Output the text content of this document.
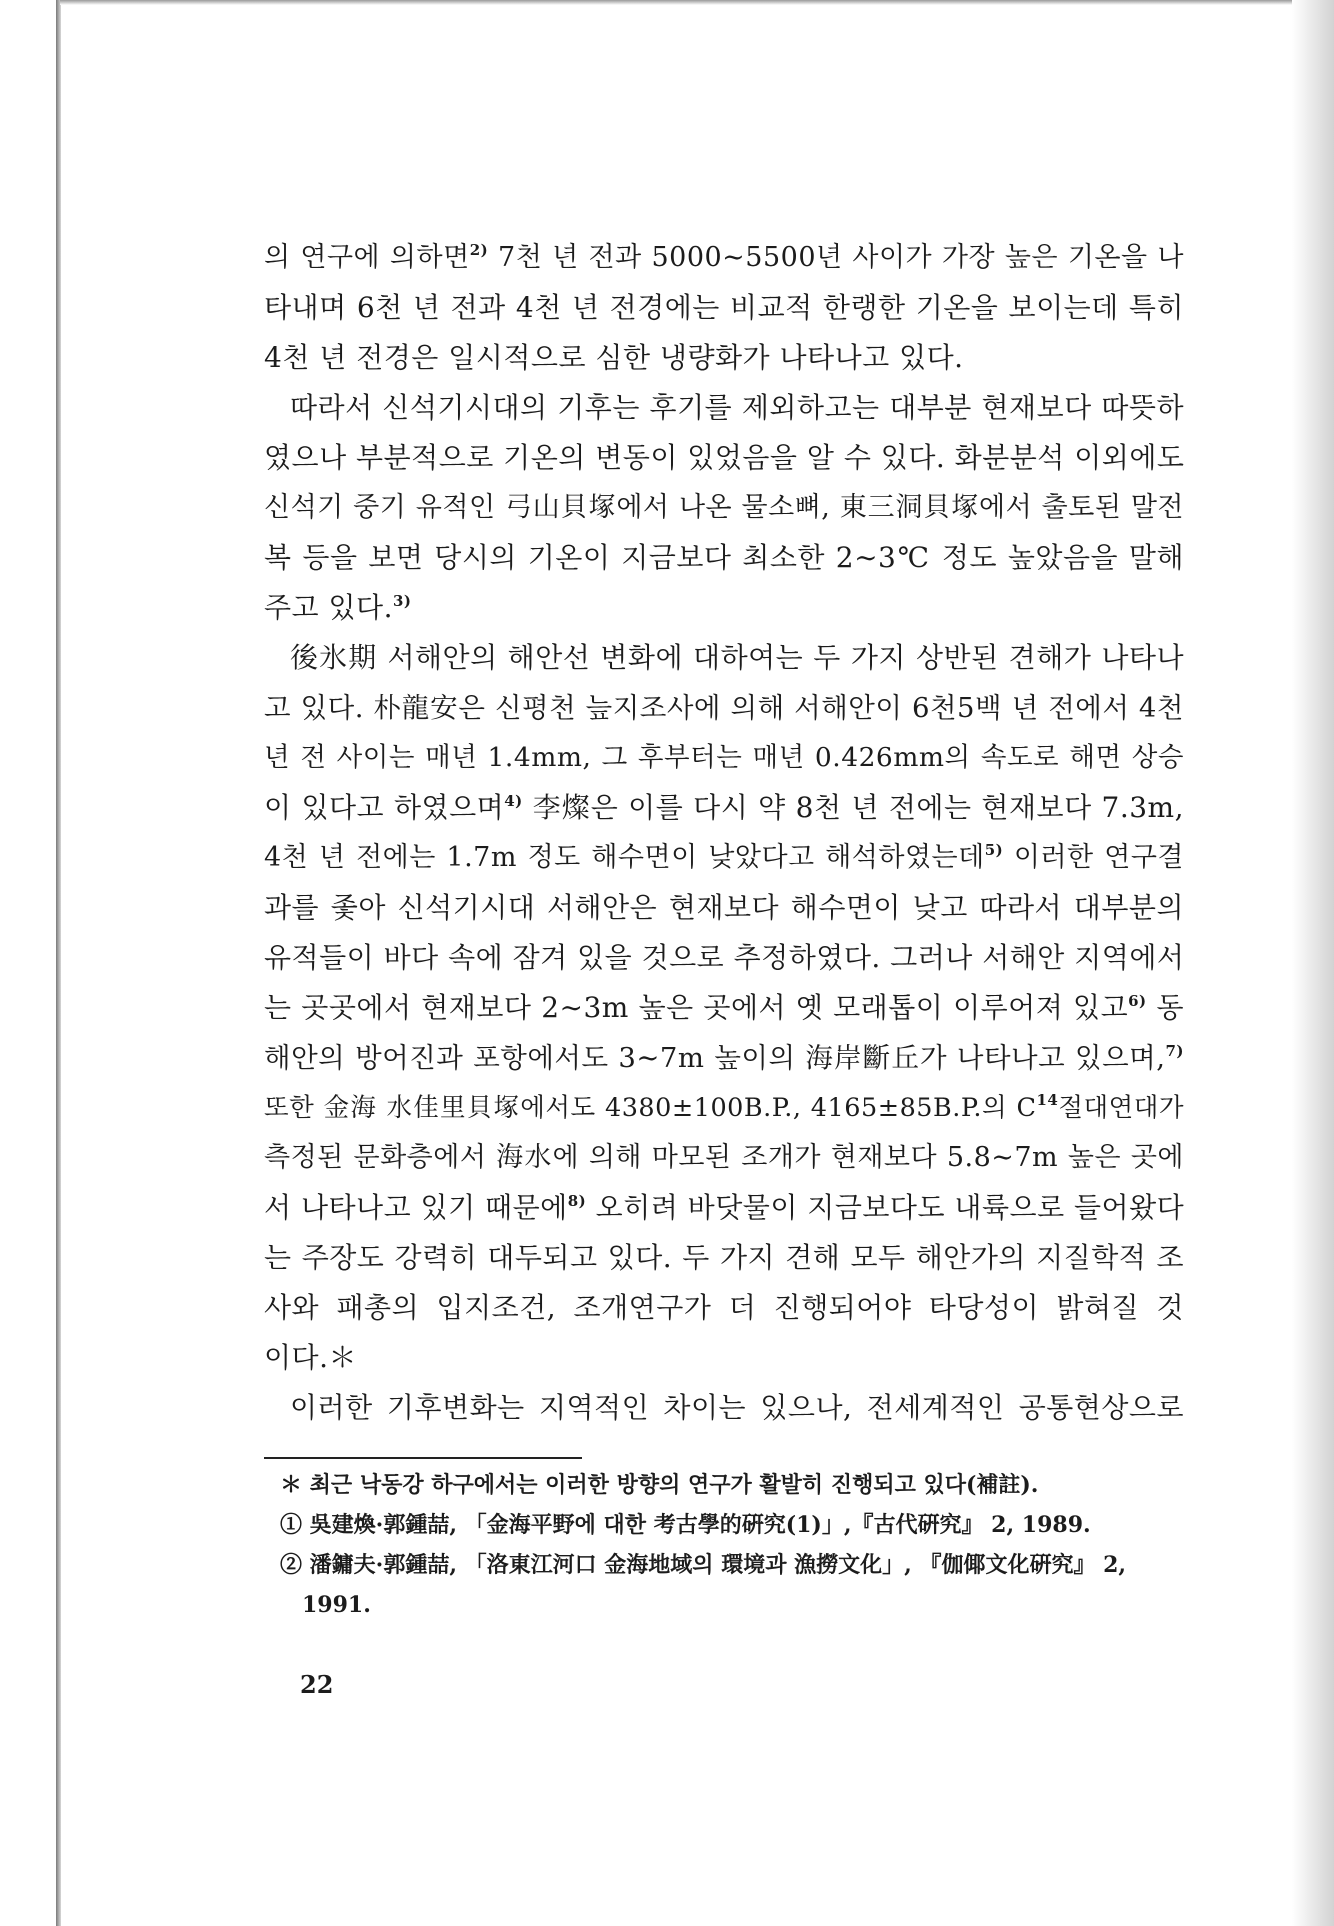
의 연구에 의하면$^{2)}$ 7천 년 전과 5000∼5500년 사이가 가장 높은 기온을 나
타내며 6천 년 전과 4천 년 전경에는 비교적 한랭한 기온을 보이는데 특히
4천 년 전경은 일시적으로 심한 냉량화가 나타나고 있다.
따라서 신석기시대의 기후는 후기를 제외하고는 대부분 현재보다 따뜻하
였으나 부분적으로 기온의 변동이 있었음을 알 수 있다. 화분분석 이외에도
신석기 중기 유적인 弓山貝塚에서 나온 물소뼈, 東三洞貝塚에서 출토된 말전
복 등을 보면 당시의 기온이 지금보다 최소한 2∼3℃ 정도 높았음을 말해
주고 있다.$^{3)}$
後氷期 서해안의 해안선 변화에 대하여는 두 가지 상반된 견해가 나타나
고 있다. 朴龍安은 신평천 늪지조사에 의해 서해안이 6천5백 년 전에서 4천
년 전 사이는 매년 1.4mm, 그 후부터는 매년 0.426mm의 속도로 해면 상승
이 있다고 하였으며$^{4)}$ 李燦은 이를 다시 약 8천 년 전에는 현재보다 7.3m,
4천 년 전에는 1.7m 정도 해수면이 낮았다고 해석하였는데$^{5)}$ 이러한 연구결
과를 좇아 신석기시대 서해안은 현재보다 해수면이 낮고 따라서 대부분의
유적들이 바다 속에 잠겨 있을 것으로 추정하였다. 그러나 서해안 지역에서
는 곳곳에서 현재보다 2∼3m 높은 곳에서 옛 모래톱이 이루어져 있고$^{6)}$ 동
해안의 방어진과 포항에서도 3∼7m 높이의 海岸斷丘가 나타나고 있으며,$^{7)}$
또한 金海 水佳里貝塚에서도 4380±100B.P., 4165±85B.P.의 $C^{14}$절대연대가
측정된 문화층에서 海水에 의해 마모된 조개가 현재보다 5.8∼7m 높은 곳에
서 나타나고 있기 때문에$^{8)}$ 오히려 바닷물이 지금보다도 내륙으로 들어왔다
는 주장도 강력히 대두되고 있다. 두 가지 견해 모두 해안가의 지질학적 조
사와 패총의 입지조건, 조개연구가 더 진행되어야 타당성이 밝혀질 것
이다.＊
이러한 기후변화는 지역적인 차이는 있으나, 전세계적인 공통현상으로
＊ 최근 낙동강 하구에서는 이러한 방향의 연구가 활발히 진행되고 있다(補註).
① 吳建煥·郭鍾喆, 「金海平野에 대한 考古學的硏究(1)」,『古代硏究』 2, 1989.
② 潘鏞夫·郭鍾喆, 「洛東江河口 金海地域의 環境과 漁撈文化」, 『伽倻文化硏究』 2,
1991.
22
